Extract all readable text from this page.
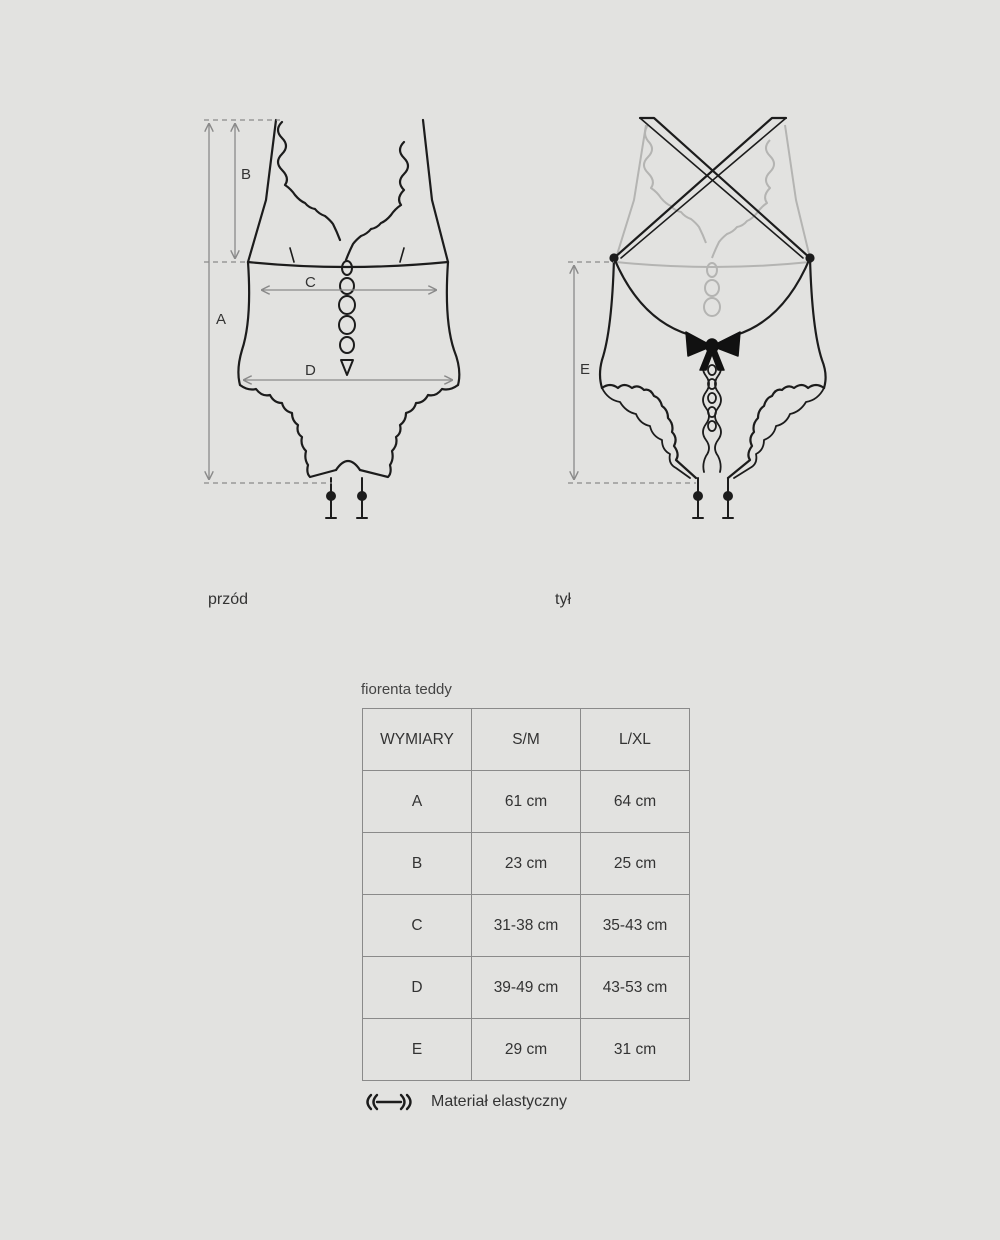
A
B
C
D	E
przód	tył
fiorenta teddy
WYMIARY	S/M	L/XL
A	61 cm	64 cm
B	23 cm	25 cm
C	31-38 cm	35-43 cm
D	39-49 cm	43-53 cm
E	29 cm	31 cm
Materiał elastyczny
